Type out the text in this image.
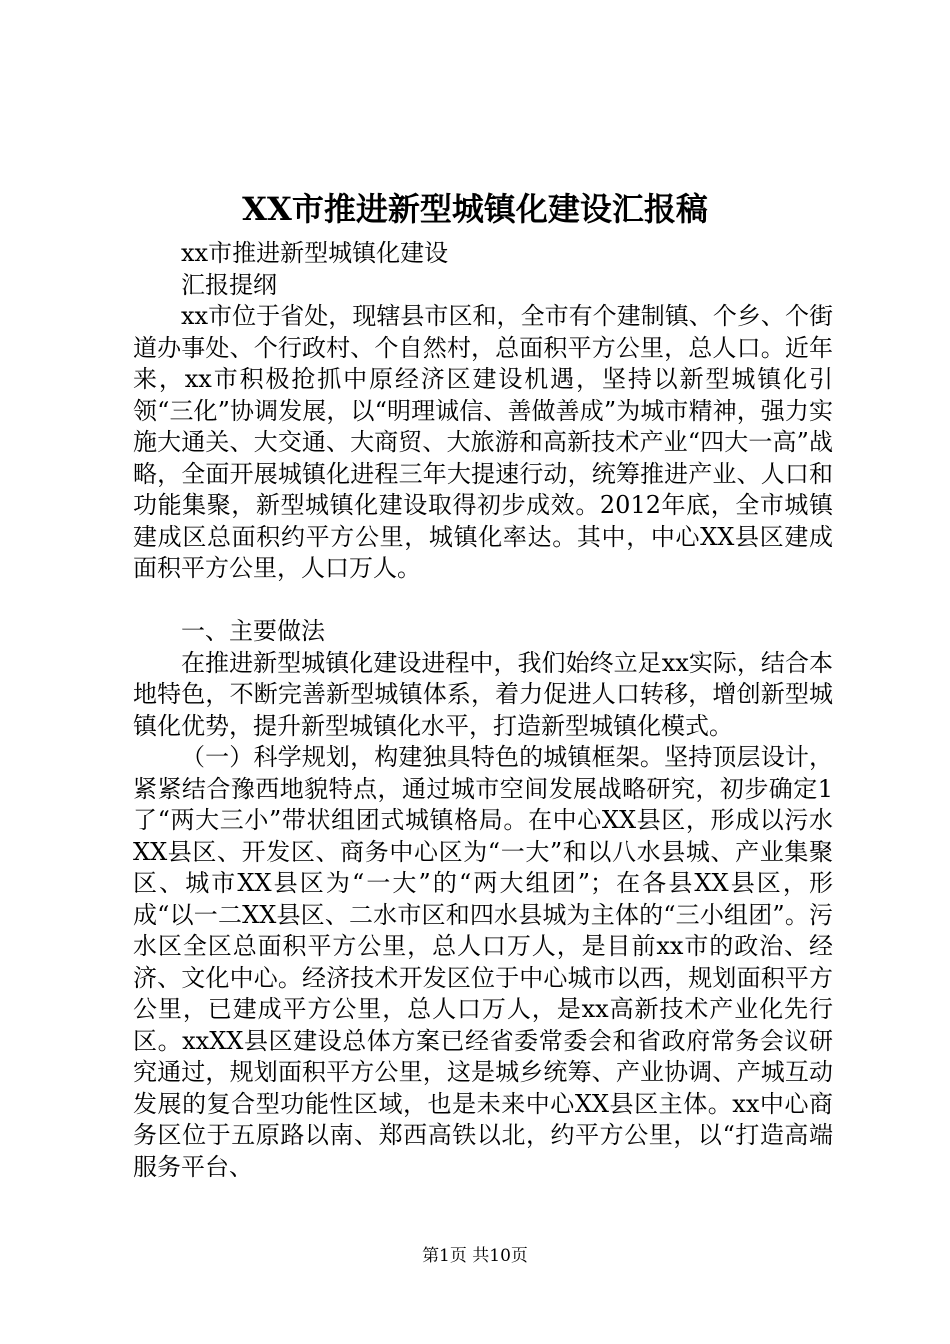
XX市推进新型城镇化建设汇报稿

xx市推进新型城镇化建设

汇报提纲

xx市位于省处，现辖县市区和，全市有个建制镇、个乡、个街道办事处、个行政村、个自然村，总面积平方公里，总人口。近年来，xx市积极抢抓中原经济区建设机遇，坚持以新型城镇化引领“三化”协调发展，以“明理诚信、善做善成”为城市精神，强力实施大通关、大交通、大商贸、大旅游和高新技术产业“四大一高”战略，全面开展城镇化进程三年大提速行动，统筹推进产业、人口和功能集聚，新型城镇化建设取得初步成效。2012年底，全市城镇建成区总面积约平方公里，城镇化率达。其中，中心XX县区建成面积平方公里，人口万人。

一、主要做法

在推进新型城镇化建设进程中，我们始终立足xx实际，结合本地特色，不断完善新型城镇体系，着力促进人口转移，增创新型城镇化优势，提升新型城镇化水平，打造新型城镇化模式。

（一）科学规划，构建独具特色的城镇框架。坚持顶层设计，紧紧结合豫西地貌特点，通过城市空间发展战略研究，初步确定1了“两大三小”带状组团式城镇格局。在中心XX县区，形成以污水XX县区、开发区、商务中心区为“一大”和以八水县城、产业集聚区、城市XX县区为“一大”的“两大组团”；在各县XX县区，形成“以一二XX县区、二水市区和四水县城为主体的“三小组团”。污水区全区总面积平方公里，总人口万人，是目前xx市的政治、经济、文化中心。经济技术开发区位于中心城市以西，规划面积平方公里，已建成平方公里，总人口万人，是xx高新技术产业化先行区。xxXX县区建设总体方案已经省委常委会和省政府常务会议研究通过，规划面积平方公里，这是城乡统筹、产业协调、产城互动发展的复合型功能性区域，也是未来中心XX县区主体。xx中心商务区位于五原路以南、郑西高铁以北，约平方公里，以“打造高端服务平台、

第1页 共10页
